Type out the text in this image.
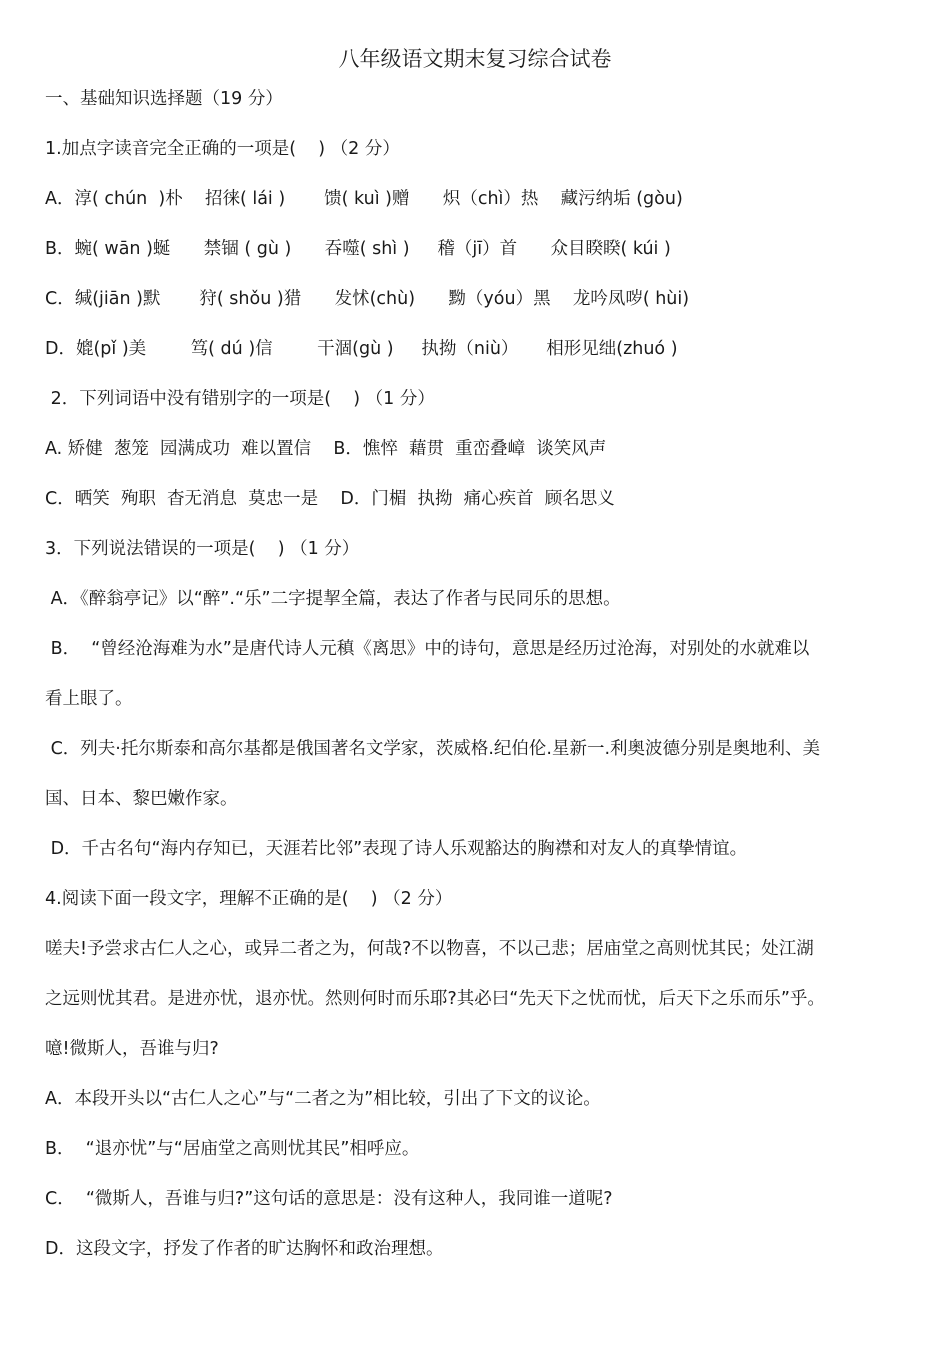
八年级语文期末复习综合试卷
一、基础知识选择题（19 分）
1.加点字读音完全正确的一项是(    ) （2 分）
A．淳( chún  )朴    招徕( lái )       馈( kuì )赠      炽（chì）热    藏污纳垢 (gòu)
B．蜿( wān )蜒      禁锢 ( gù )      吞噬( shì )     稽（jī）首      众目睽睽( kúi )
C．缄(jiān )默       狩( shǒu )猎      发怵(chù)      黝（yóu）黑    龙吟凤哕( hùi)
D．媲(pǐ )美        笃( dú )信        干涸(gù )     执拗（niù）     相形见绌(zhuó )
2．下列词语中没有错别字的一项是(    ) （1 分）
A. 矫健  葱笼  园满成功  难以置信    B．憔悴  藉贯  重峦叠嶂  谈笑风声
C．晒笑  殉职  杳无消息  莫忠一是    D．门楣  执拗  痛心疾首  顾名思义
3．下列说法错误的一项是(    ) （1 分）
A．《醉翁亭记》以“醉”.“乐”二字提挈全篇，表达了作者与民同乐的思想。
B．  “曾经沧海难为水”是唐代诗人元稹《离思》中的诗句，意思是经历过沧海，对别处的水就难以
看上眼了。
C．列夫·托尔斯泰和高尔基都是俄国著名文学家，茨威格.纪伯伦.星新一.利奥波德分别是奥地利、美
国、日本、黎巴嫩作家。
D．千古名句“海内存知已，天涯若比邻”表现了诗人乐观豁达的胸襟和对友人的真挚情谊。
4.阅读下面一段文字，理解不正确的是(    ) （2 分）
嗟夫!予尝求古仁人之心，或异二者之为，何哉?不以物喜，不以己悲；居庙堂之高则忧其民；处江湖
之远则忧其君。是进亦忧，退亦忧。然则何时而乐耶?其必曰“先天下之忧而忧，后天下之乐而乐”乎。
噫!微斯人，吾谁与归?
A．本段开头以“古仁人之心”与“二者之为”相比较，引出了下文的议论。
B．  “退亦忧”与“居庙堂之高则忧其民”相呼应。
C．  “微斯人，吾谁与归?”这句话的意思是：没有这种人，我同谁一道呢?
D．这段文字，抒发了作者的旷达胸怀和政治理想。
